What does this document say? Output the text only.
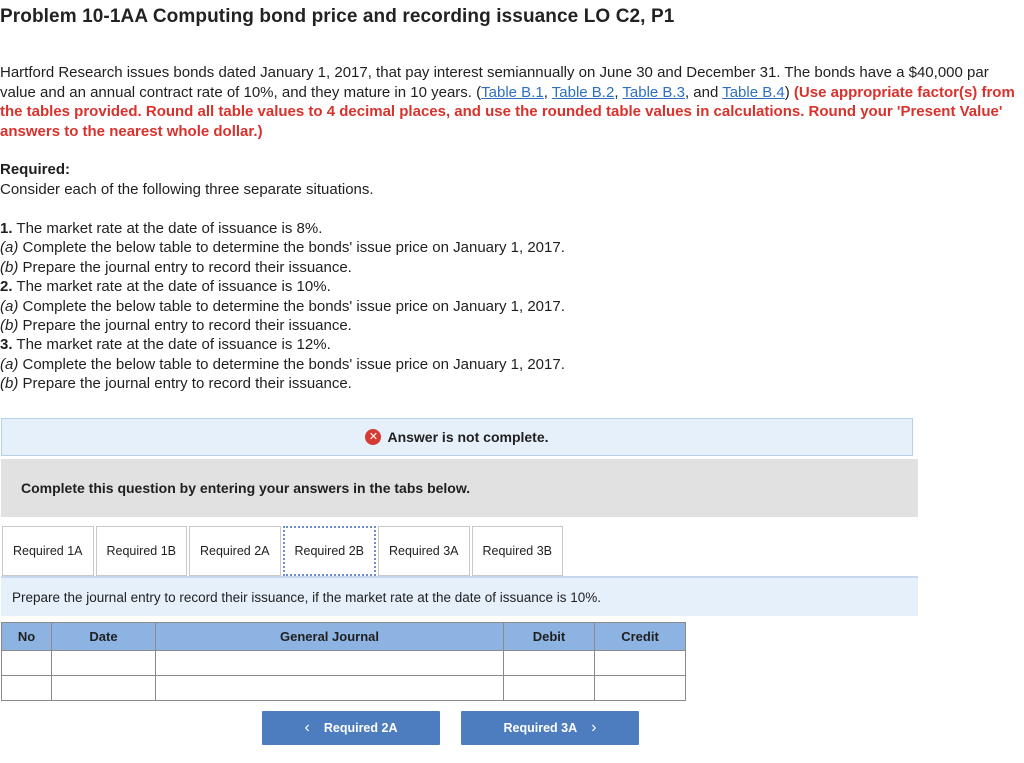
Problem 10-1AA Computing bond price and recording issuance LO C2, P1

Hartford Research issues bonds dated January 1, 2017, that pay interest semiannually on June 30 and December 31. The bonds have a $40,000 par value and an annual contract rate of 10%, and they mature in 10 years. (Table B.1, Table B.2, Table B.3, and Table B.4) (Use appropriate factor(s) from the tables provided. Round all table values to 4 decimal places, and use the rounded table values in calculations. Round your 'Present Value' answers to the nearest whole dollar.)

Required:

Consider each of the following three separate situations.

1. The market rate at the date of issuance is 8%.
(a) Complete the below table to determine the bonds' issue price on January 1, 2017.
(b) Prepare the journal entry to record their issuance.
2. The market rate at the date of issuance is 10%.
(a) Complete the below table to determine the bonds' issue price on January 1, 2017.
(b) Prepare the journal entry to record their issuance.
3. The market rate at the date of issuance is 12%.
(a) Complete the below table to determine the bonds' issue price on January 1, 2017.
(b) Prepare the journal entry to record their issuance.
✕ Answer is not complete.
Complete this question by entering your answers in the tabs below.
Required 1A	Required 1B	Required 2A	Required 2B	Required 3A	Required 3B
Prepare the journal entry to record their issuance, if the market rate at the date of issuance is 10%.
No	Date	General Journal	Debit	Credit

‹ Required 2A	Required 3A ›
